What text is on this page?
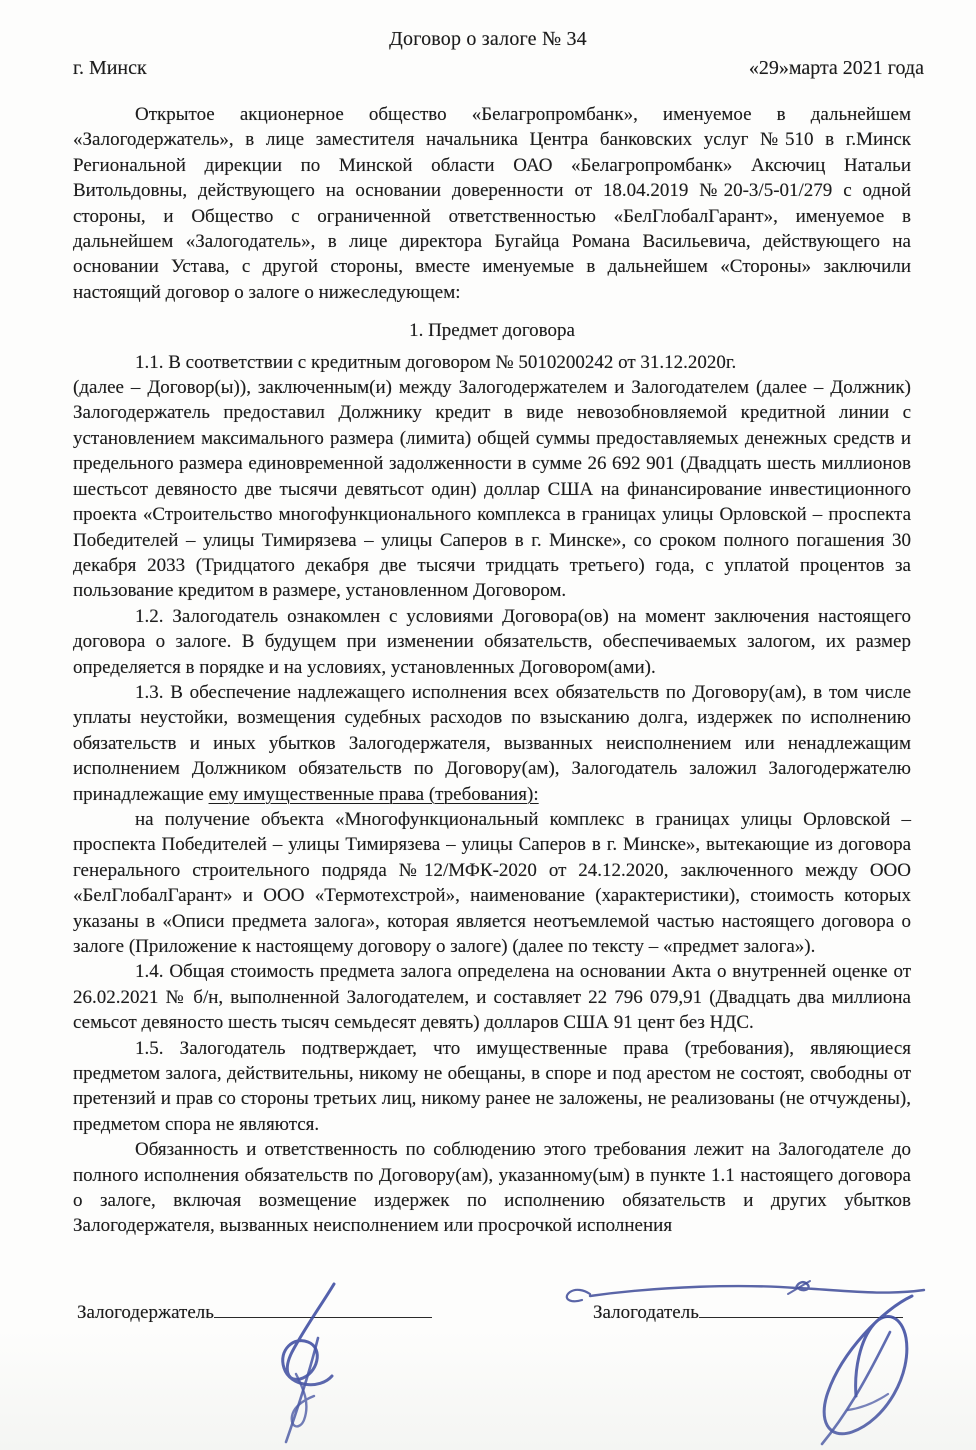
Договор о залоге № 34
г. Минск	«29»марта 2021 года

Открытое акционерное общество «Белагропромбанк», именуемое в дальнейшем «Залогодержатель», в лице заместителя начальника Центра банковских услуг №510 в г.Минск Региональной дирекции по Минской области ОАО «Белагропромбанк» Аксючиц Натальи Витольдовны, действующего на основании доверенности от 18.04.2019 №20-3/5-01/279 с одной стороны, и Общество с ограниченной ответственностью «БелГлобалГарант», именуемое в дальнейшем «Залогодатель», в лице директора Бугайца Романа Васильевича, действующего на основании Устава, с другой стороны, вместе именуемые в дальнейшем «Стороны» заключили настоящий договор о залоге о нижеследующем:

1. Предмет договора

1.1. В соответствии с кредитным договором № 5010200242 от 31.12.2020г.

(далее – Договор(ы)), заключенным(и) между Залогодержателем и Залогодателем (далее – Должник) Залогодержатель предоставил Должнику кредит в виде невозобновляемой кредитной линии с установлением максимального размера (лимита) общей суммы предоставляемых денежных средств и предельного размера единовременной задолженности в сумме 26 692 901 (Двадцать шесть миллионов шестьсот девяносто две тысячи девятьсот один) доллар США на финансирование инвестиционного проекта «Строительство многофункционального комплекса в границах улицы Орловской – проспекта Победителей – улицы Тимирязева – улицы Саперов в г. Минске», со сроком полного погашения 30 декабря 2033 (Тридцатого декабря две тысячи тридцать третьего) года, с уплатой процентов за пользование кредитом в размере, установленном Договором.

1.2. Залогодатель ознакомлен с условиями Договора(ов) на момент заключения настоящего договора о залоге. В будущем при изменении обязательств, обеспечиваемых залогом, их размер определяется в порядке и на условиях, установленных Договором(ами).

1.3. В обеспечение надлежащего исполнения всех обязательств по Договору(ам), в том числе уплаты неустойки, возмещения судебных расходов по взысканию долга, издержек по исполнению обязательств и иных убытков Залогодержателя, вызванных неисполнением или ненадлежащим исполнением Должником обязательств по Договору(ам), Залогодатель заложил Залогодержателю принадлежащие ему имущественные права (требования):

на получение объекта «Многофункциональный комплекс в границах улицы Орловской – проспекта Победителей – улицы Тимирязева – улицы Саперов в г. Минске», вытекающие из договора генерального строительного подряда №12/МФК-2020 от 24.12.2020, заключенного между ООО «БелГлобалГарант» и ООО «Термотехстрой», наименование (характеристики), стоимость которых указаны в «Описи предмета залога», которая является неотъемлемой частью настоящего договора о залоге (Приложение к настоящему договору о залоге) (далее по тексту – «предмет залога»).

1.4. Общая стоимость предмета залога определена на основании Акта о внутренней оценке от 26.02.2021 № б/н, выполненной Залогодателем, и составляет 22 796 079,91 (Двадцать два миллиона семьсот девяносто шесть тысяч семьдесят девять) долларов США 91 цент без НДС.

1.5. Залогодатель подтверждает, что имущественные права (требования), являющиеся предметом залога, действительны, никому не обещаны, в споре и под арестом не состоят, свободны от претензий и прав со стороны третьих лиц, никому ранее не заложены, не реализованы (не отчуждены), предметом спора не являются.

Обязанность и ответственность по соблюдению этого требования лежит на Залогодателе до полного исполнения обязательств по Договору(ам), указанному(ым) в пункте 1.1 настоящего договора о залоге, включая возмещение издержек по исполнению обязательств и других убытков Залогодержателя, вызванных неисполнением или просрочкой исполнения

Залогодержатель	Залогодатель
